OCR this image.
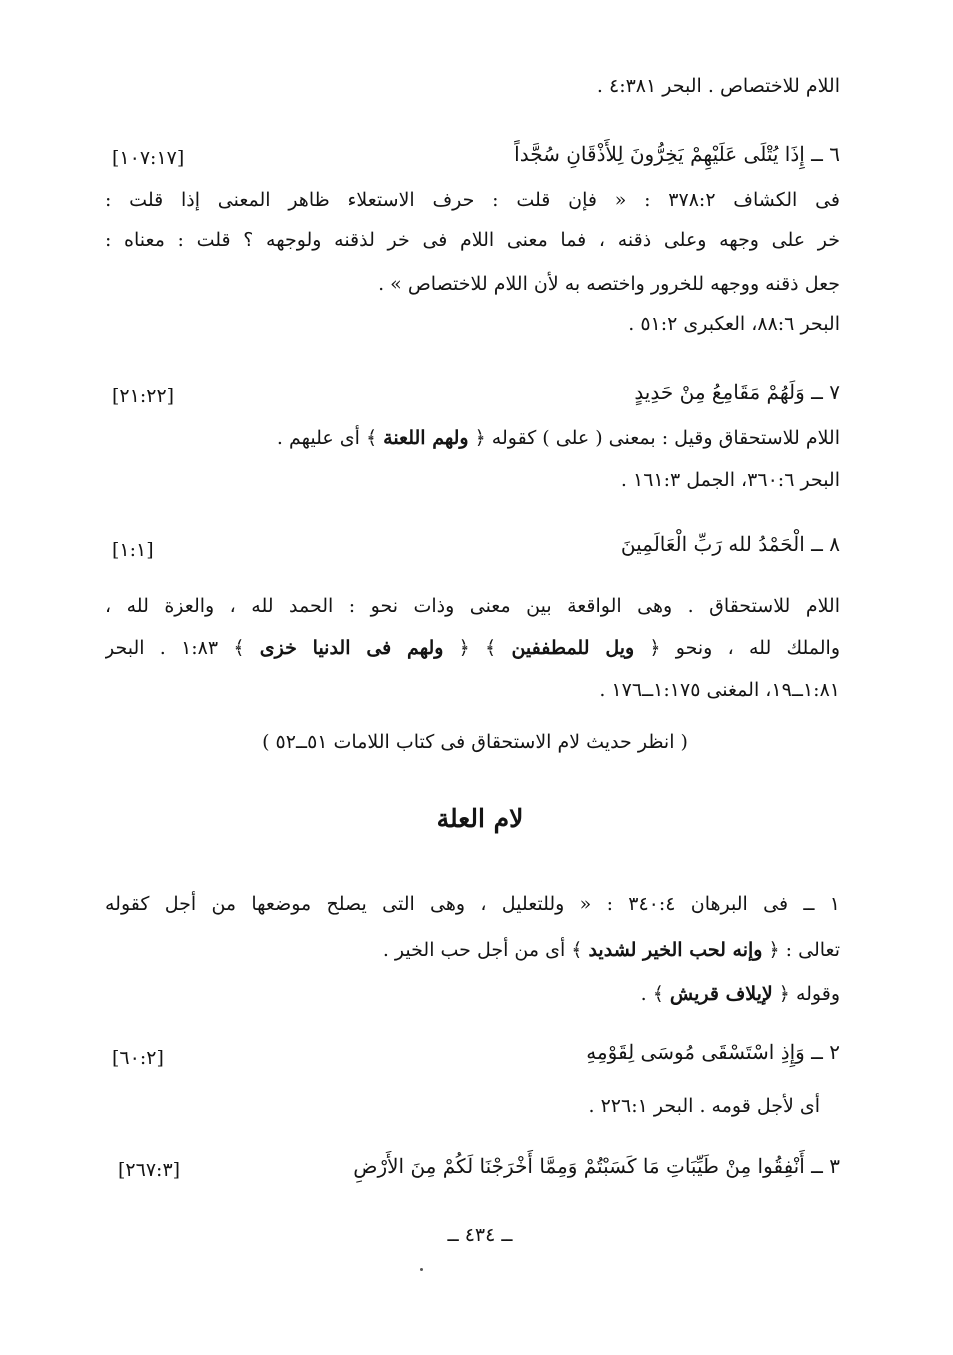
اللام للاختصاص . البحر ٤:٣٨١ .
٦ ــ إِذَا يُتْلَى عَلَيْهِمْ يَخِرُّونَ لِلأَذْقَانِ سُجَّداً
[١٠٧:١٧]
فى الكشاف ٣٧٨:٢ : « فإن قلت : حرف الاستعلاء ظاهر المعنى إذا قلت :
خر على وجهه وعلى ذقنه ، فما معنى اللام فى خر لذقنه ولوجهه ؟ قلت : معناه :
جعل ذقنه ووجهه للخرور واختصه به لأن اللام للاختصاص » .
البحر ٨٨:٦، العكبرى ٥١:٢ .
٧ ــ وَلَهُمْ مَقَامِعُ مِنْ حَدِيدٍ
[٢١:٢٢]
اللام للاستحقاق وقيل : بمعنى ( على ) كقوله ﴿ ولهم اللعنة ﴾ أى عليهم .
البحر ٣٦٠:٦، الجمل ١٦١:٣ .
٨ ــ الْحَمْدُ لله رَبِّ الْعَالَمِينَ
[١:١]
اللام للاستحقاق . وهى الواقعة بين معنى وذات نحو : الحمد لله ، والعزة لله ،
والملك لله ، ونحو ﴿ ويل للمطففين ﴾ ﴿ ولهم فى الدنيا خزى ﴾ ١:٨٣ . البحر
١:٨١ــ١٩، المغنى ١:١٧٥ــ١٧٦ .
( انظر حديث لام الاستحقاق فى كتاب اللامات ٥١ــ٥٢ )
لام العلة
١ ــ فى البرهان ٣٤٠:٤ : « وللتعليل ، وهى التى يصلح موضعها من أجل كقوله
تعالى : ﴿ وإنه لحب الخير لشديد ﴾ أى من أجل حب الخير .
وقوله ﴿ لإيلاف قريش ﴾ .
٢ ــ وَإِذِ اسْتَسْقَى مُوسَى لِقَوْمِهِ
[٦٠:٢]
أى لأجل قومه . البحر ٢٢٦:١ .
٣ ــ أَنْفِقُوا مِنْ طَيِّبَاتِ مَا كَسَبْتُمْ وَمِمَّا أَخْرَجْنَا لَكُمْ مِنَ الأَرْضِ
[٢٦٧:٣]
ــ ٤٣٤ ــ
